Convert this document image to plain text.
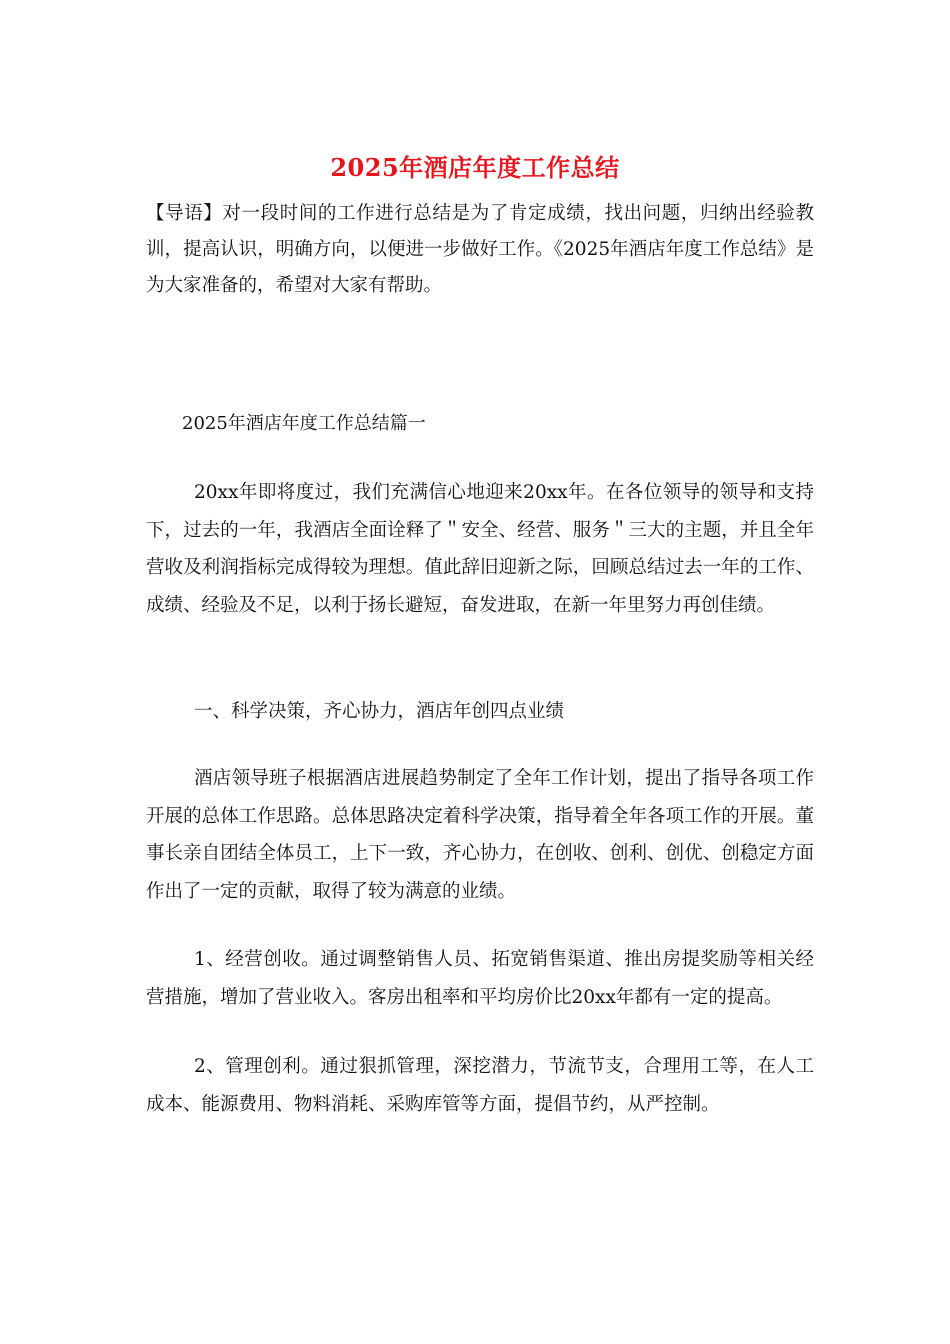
2025年酒店年度工作总结
【导语】对一段时间的工作进行总结是为了肯定成绩，找出问题，归纳出经验教训，提高认识，明确方向，以便进一步做好工作。《2025年酒店年度工作总结》是为大家准备的，希望对大家有帮助。
2025年酒店年度工作总结篇一
20xx年即将度过，我们充满信心地迎来20xx年。在各位领导的领导和支持下，过去的一年，我酒店全面诠释了＂安全、经营、服务＂三大的主题，并且全年营收及利润指标完成得较为理想。值此辞旧迎新之际，回顾总结过去一年的工作、成绩、经验及不足，以利于扬长避短，奋发进取，在新一年里努力再创佳绩。
一、科学决策，齐心协力，酒店年创四点业绩
酒店领导班子根据酒店进展趋势制定了全年工作计划，提出了指导各项工作开展的总体工作思路。总体思路决定着科学决策，指导着全年各项工作的开展。董事长亲自团结全体员工，上下一致，齐心协力，在创收、创利、创优、创稳定方面作出了一定的贡献，取得了较为满意的业绩。
1、经营创收。通过调整销售人员、拓宽销售渠道、推出房提奖励等相关经营措施，增加了营业收入。客房出租率和平均房价比20xx年都有一定的提高。
2、管理创利。通过狠抓管理，深挖潜力，节流节支，合理用工等，在人工成本、能源费用、物料消耗、采购库管等方面，提倡节约，从严控制。
